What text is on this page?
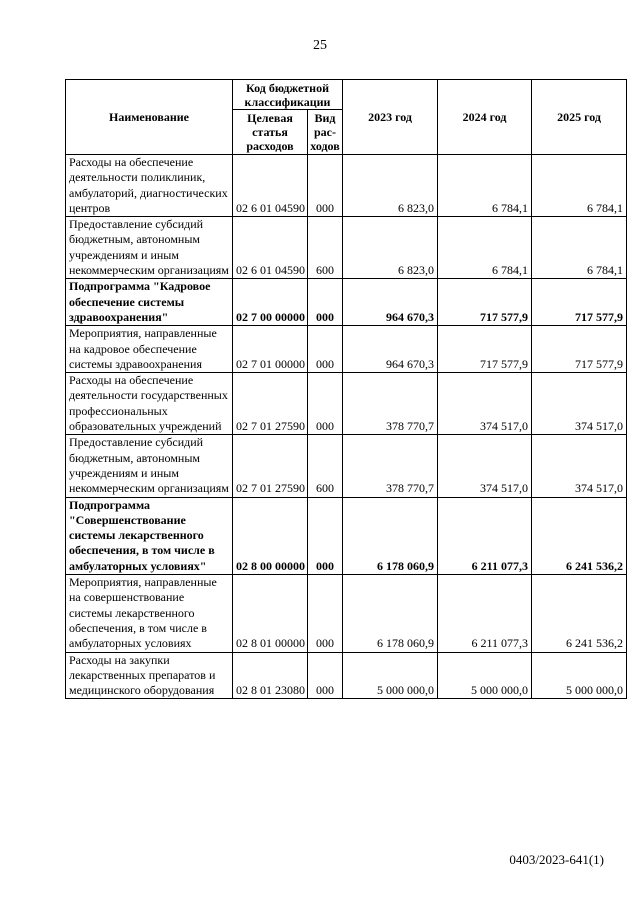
25
Наименование	Код бюджетной классификации		2023 год	2024 год	2025 год
	Целевая статья расходов	Вид рас-ходов			
Расходы на обеспечение деятельности поликлиник, амбулаторий, диагностических центров	02 6 01 04590	000	6 823,0	6 784,1	6 784,1
Предоставление субсидий бюджетным, автономным учреждениям и иным некоммерческим организациям	02 6 01 04590	600	6 823,0	6 784,1	6 784,1
Подпрограмма "Кадровое обеспечение системы здравоохранения"	02 7 00 00000	000	964 670,3	717 577,9	717 577,9
Мероприятия, направленные на кадровое обеспечение системы здравоохранения	02 7 01 00000	000	964 670,3	717 577,9	717 577,9
Расходы на обеспечение деятельности государственных профессиональных образовательных учреждений	02 7 01 27590	000	378 770,7	374 517,0	374 517,0
Предоставление субсидий бюджетным, автономным учреждениям и иным некоммерческим организациям	02 7 01 27590	600	378 770,7	374 517,0	374 517,0
Подпрограмма "Совершенствование системы лекарственного обеспечения, в том числе в амбулаторных условиях"	02 8 00 00000	000	6 178 060,9	6 211 077,3	6 241 536,2
Мероприятия, направленные на совершенствование системы лекарственного обеспечения, в том числе в амбулаторных условиях	02 8 01 00000	000	6 178 060,9	6 211 077,3	6 241 536,2
Расходы на закупки лекарственных препаратов и медицинского оборудования	02 8 01 23080	000	5 000 000,0	5 000 000,0	5 000 000,0
0403/2023-641(1)
